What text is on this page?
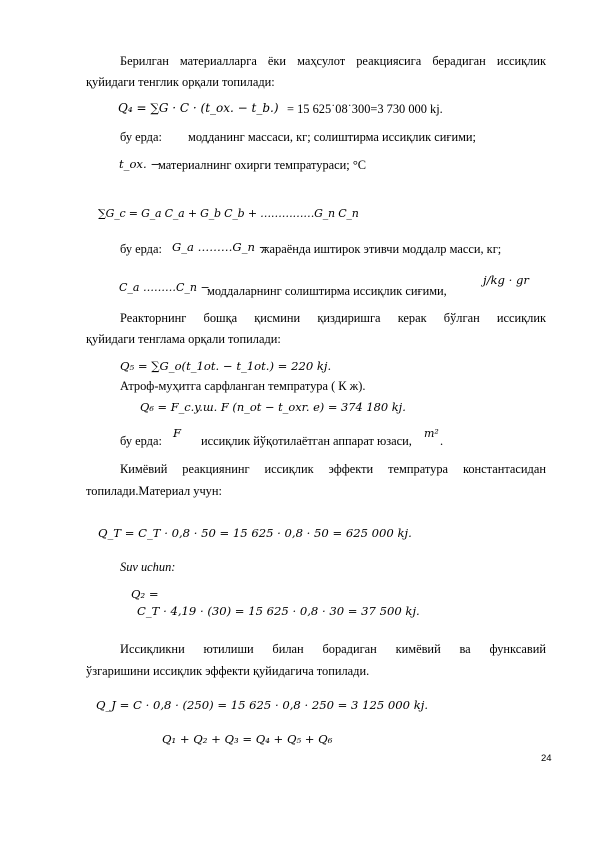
Берилган материалларга ёки маҳсулот реакциясига берадиган иссиқлик
қуйидаги тенглик орқали топилади:
Q₄ = ∑G · C · (t_ox. − t_b.) = 15 625˙08˙300=3 730 000 kj.
бу ерда: модданинг массаси, кг; солиштирма иссиқлик сиғими;
t_ox. −
материалнинг охирги темпратураси; °С
∑G_c = G_a C_a + G_b C_b + ……………G_n C_n
бу ерда: G_a ………G_n −
жараёнда иштирок этивчи моддалр масси, кг;
C_a ………C_n −
моддаларнинг солиштирма иссиқлик сиғими,
j/kg · gr
Реакторнинг бошқа қисмини қиздиришга керак бўлган иссиқлик
қуйидаги тенглама орқали топилади:
Q₅ = ∑G_o(t_1ot. − t_1ot.) = 220 kj.
Атроф-муҳитга сарфланган темпратура ( К ж).
Q₆ = F_c.y.ш. F (n_ot − t_oxr. e) = 374 180 kj.
бу ерда:
F
иссиқлик йўқотилаётган аппарат юзаси,
m²
.
Кимёвий реакциянинг иссиқлик эффекти темпратура константасидан
топилади.Материал учун:
Q_T = C_T · 0,8 · 50 = 15 625 · 0,8 · 50 = 625 000 kj.
Suv uchun:
Q₂ =
C_T · 4,19 · (30) = 15 625 · 0,8 · 30 = 37 500 kj.
Иссиқликни ютилиши билан борадиган кимёвий ва функсавий
ўзгаришини иссиқлик эффекти қуйидагича топилади.
Q_J = C · 0,8 · (250) = 15 625 · 0,8 · 250 = 3 125 000 kj.
Q₁ + Q₂ + Q₃ = Q₄ + Q₅ + Q₆
24
